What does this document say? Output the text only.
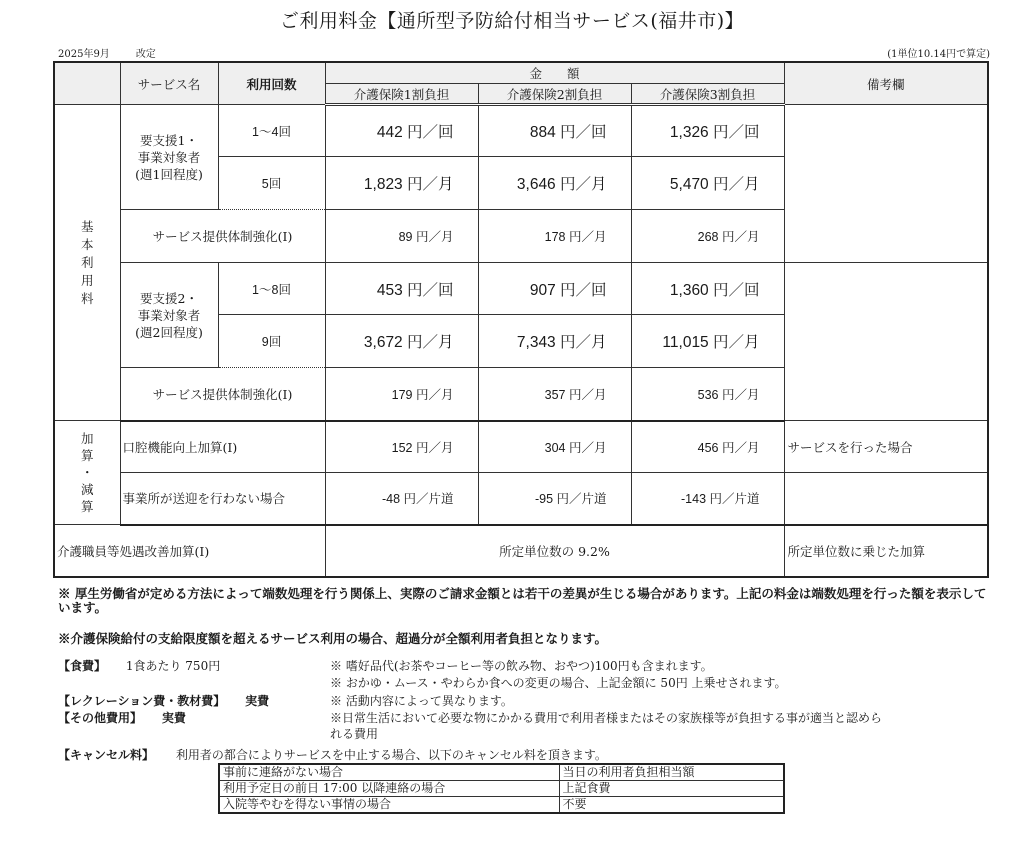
ご利用料金【通所型予防給付相当サービス(福井市)】
2025年9月	改定	(1単位10.14円で算定)
	サービス名	利用回数	金　　額			備考欄
			介護保険1割負担	介護保険2割負担	介護保険3割負担	

基
本
利
用
料

要支援1・
事業対象者
(週1回程度)
	1～4回	442 円／回	884 円／回	1,326 円／回	
		5回	1,823 円／月	3,646 円／月	5,470 円／月	
	サービス提供体制強化(Ⅰ)		89 円／月	178 円／月	268 円／月	

	要支援2・
事業対象者
(週2回程度)	1～8回	453 円／回	907 円／回	1,360 円／回	
		9回	3,672 円／月	7,343 円／月	11,015 円／月	
	サービス提供体制強化(Ⅰ)		179 円／月	357 円／月	536 円／月	

加
算
・
減
算	口腔機能向上加算(Ⅰ)		152 円／月	304 円／月	456 円／月	サービスを行った場合
	事業所が送迎を行わない場合		-48 円／片道	-95 円／片道	-143 円／片道	
介護職員等処遇改善加算(Ⅰ)			所定単位数の 9.2%			所定単位数に乗じた加算
※ 厚生労働省が定める方法によって端数処理を行う関係上、実際のご請求金額とは若干の差異が生じる場合があります。上記の料金は端数処理を行った額を表示しています。
※介護保険給付の支給限度額を超えるサービス利用の場合、超過分が全額利用者負担となります。
【食費】 1食あたり 750円	※ 嗜好品代(お茶やコーヒー等の飲み物、おやつ)100円も含まれます。
※ おかゆ・ムース・やわらか食への変更の場合、上記金額に 50円 上乗せされます。
【レクレーション費・教材費】 実費	※ 活動内容によって異なります。
【その他費用】 実費	※日常生活において必要な物にかかる費用で利用者様またはその家族様等が負担する事が適当と認めら
れる費用
【キャンセル料】 利用者の都合によりサービスを中止する場合、以下のキャンセル料を頂きます。
事前に連絡がない場合	当日の利用者負担相当額
利用予定日の前日 17:00 以降連絡の場合	上記食費
入院等やむを得ない事情の場合	不要
